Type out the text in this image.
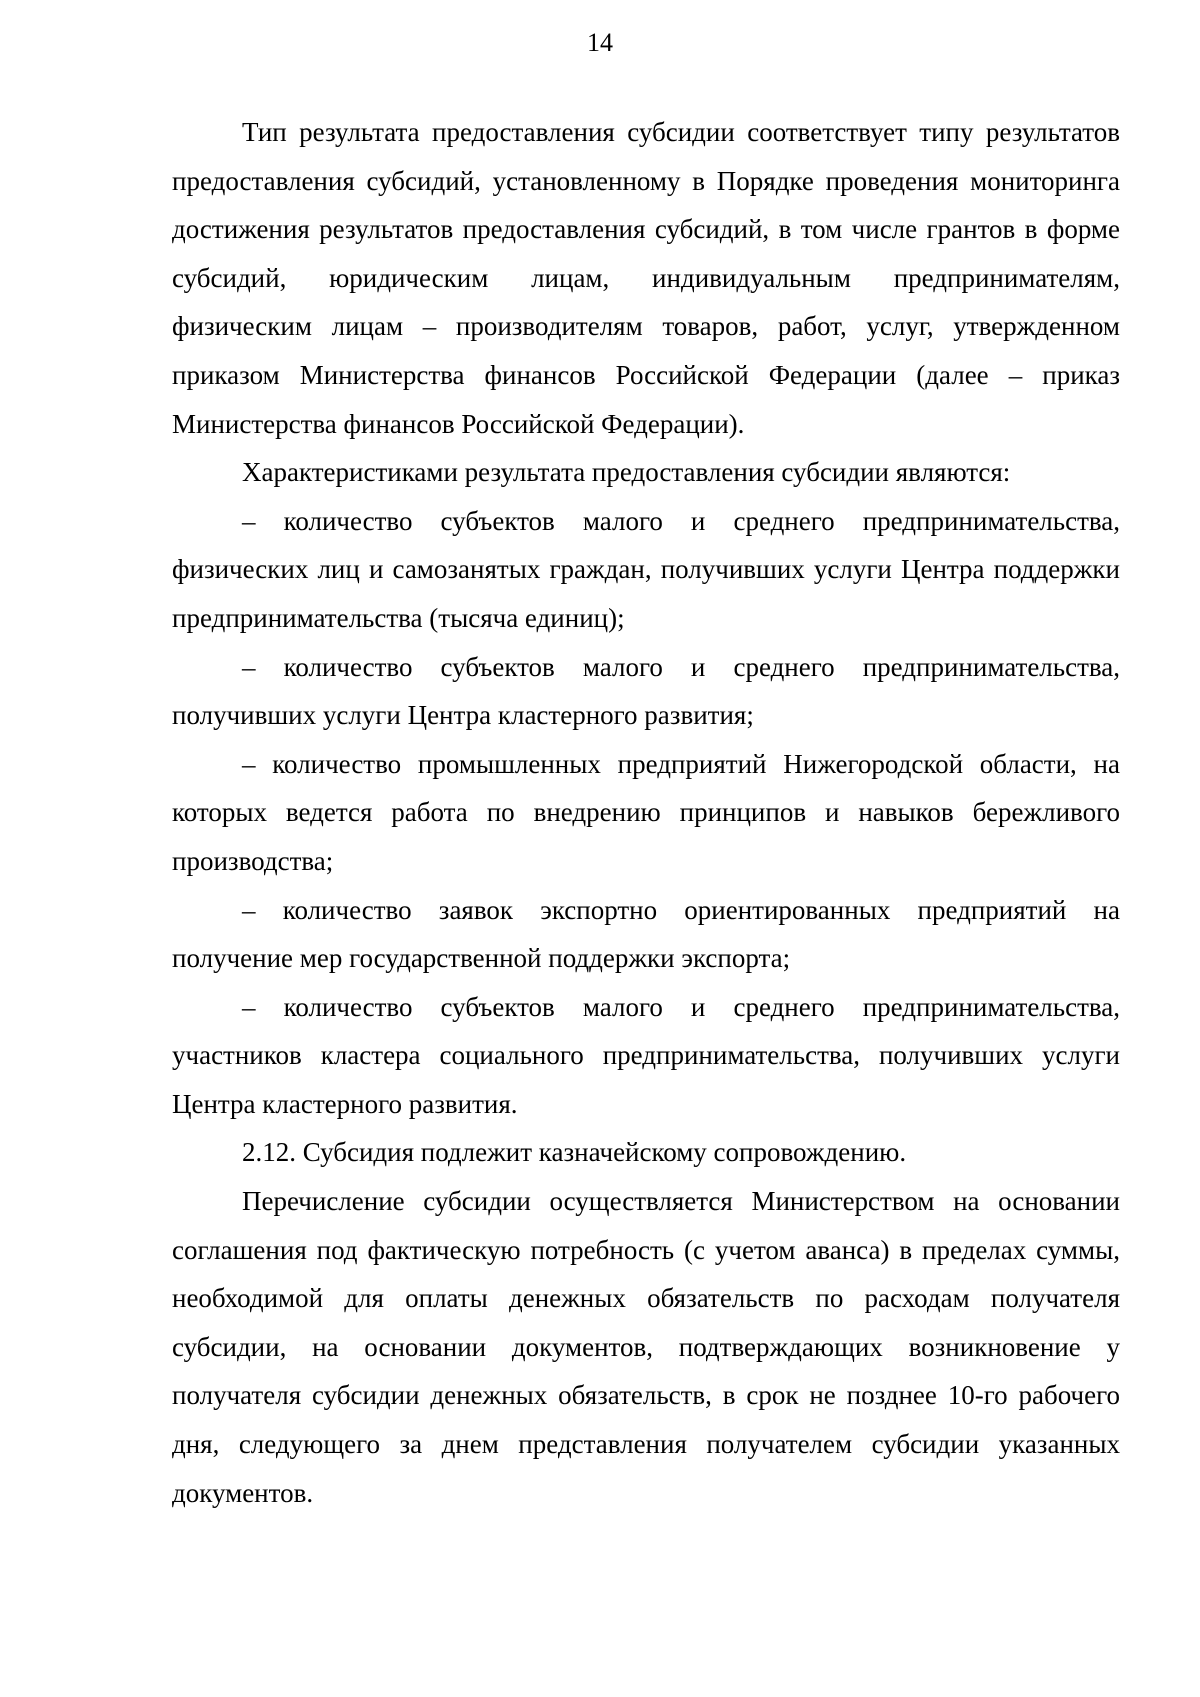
14

Тип результата предоставления субсидии соответствует типу результатов предоставления субсидий, установленному в Порядке проведения мониторинга достижения результатов предоставления субсидий, в том числе грантов в форме субсидий, юридическим лицам, индивидуальным предпринимателям, физическим лицам – производителям товаров, работ, услуг, утвержденном приказом Министерства финансов Российской Федерации (далее – приказ Министерства финансов Российской Федерации).

Характеристиками результата предоставления субсидии являются:

– количество субъектов малого и среднего предпринимательства, физических лиц и самозанятых граждан, получивших услуги Центра поддержки предпринимательства (тысяча единиц);

– количество субъектов малого и среднего предпринимательства, получивших услуги Центра кластерного развития;

– количество промышленных предприятий Нижегородской области, на которых ведется работа по внедрению принципов и навыков бережливого производства;

– количество заявок экспортно ориентированных предприятий на получение мер государственной поддержки экспорта;

– количество субъектов малого и среднего предпринимательства, участников кластера социального предпринимательства, получивших услуги Центра кластерного развития.

2.12. Субсидия подлежит казначейскому сопровождению.

Перечисление субсидии осуществляется Министерством на основании соглашения под фактическую потребность (с учетом аванса) в пределах суммы, необходимой для оплаты денежных обязательств по расходам получателя субсидии, на основании документов, подтверждающих возникновение у получателя субсидии денежных обязательств, в срок не позднее 10-го рабочего дня, следующего за днем представления получателем субсидии указанных документов.
